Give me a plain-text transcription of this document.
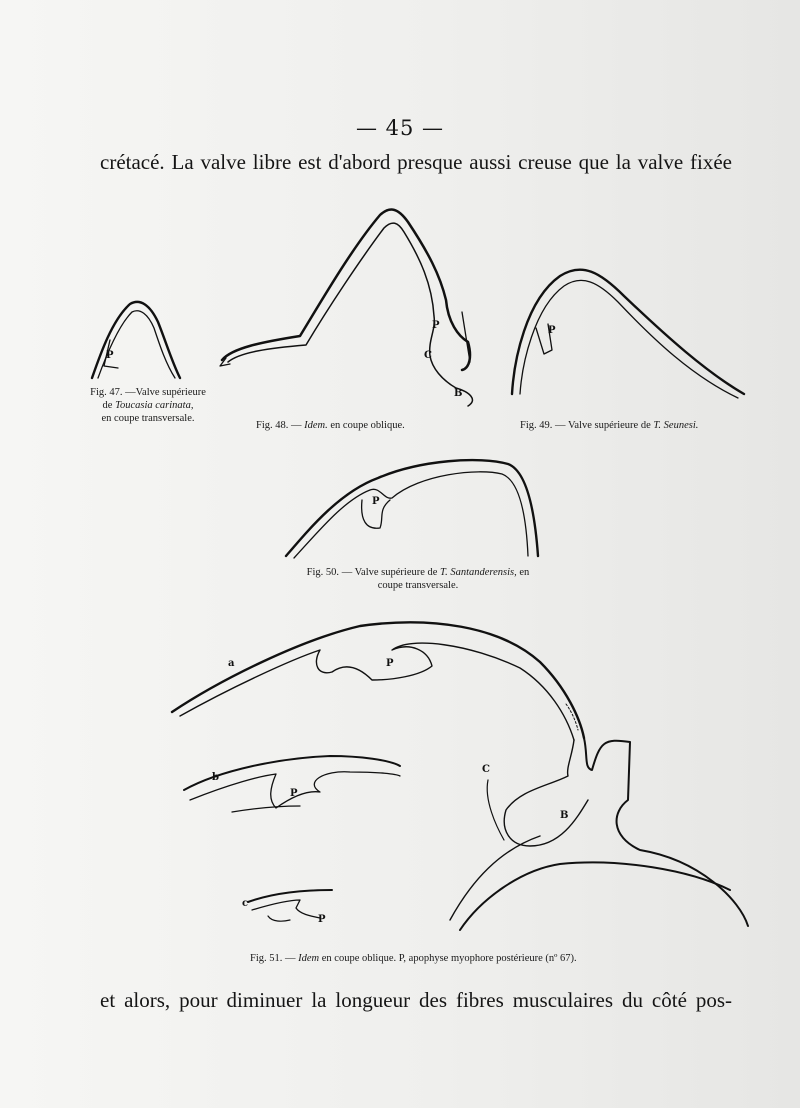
— 45 —
crétacé. La valve libre est d'abord presque aussi creuse que la valve fixée
P
P
C
B
P
P
a	P
C
B
b
P
c
P
Fig. 47. —Valve supérieure
de Toucasia carinata,
en coupe transversale.
Fig. 48. — Idem. en coupe oblique.	Fig. 49. — Valve supérieure de T. Seunesi.
Fig. 50. — Valve supérieure de T. Santanderensis, en
coupe transversale.
Fig. 51. — Idem en coupe oblique. P, apophyse myophore postérieure (nº 67).
et alors, pour diminuer la longueur des fibres musculaires du côté pos-
